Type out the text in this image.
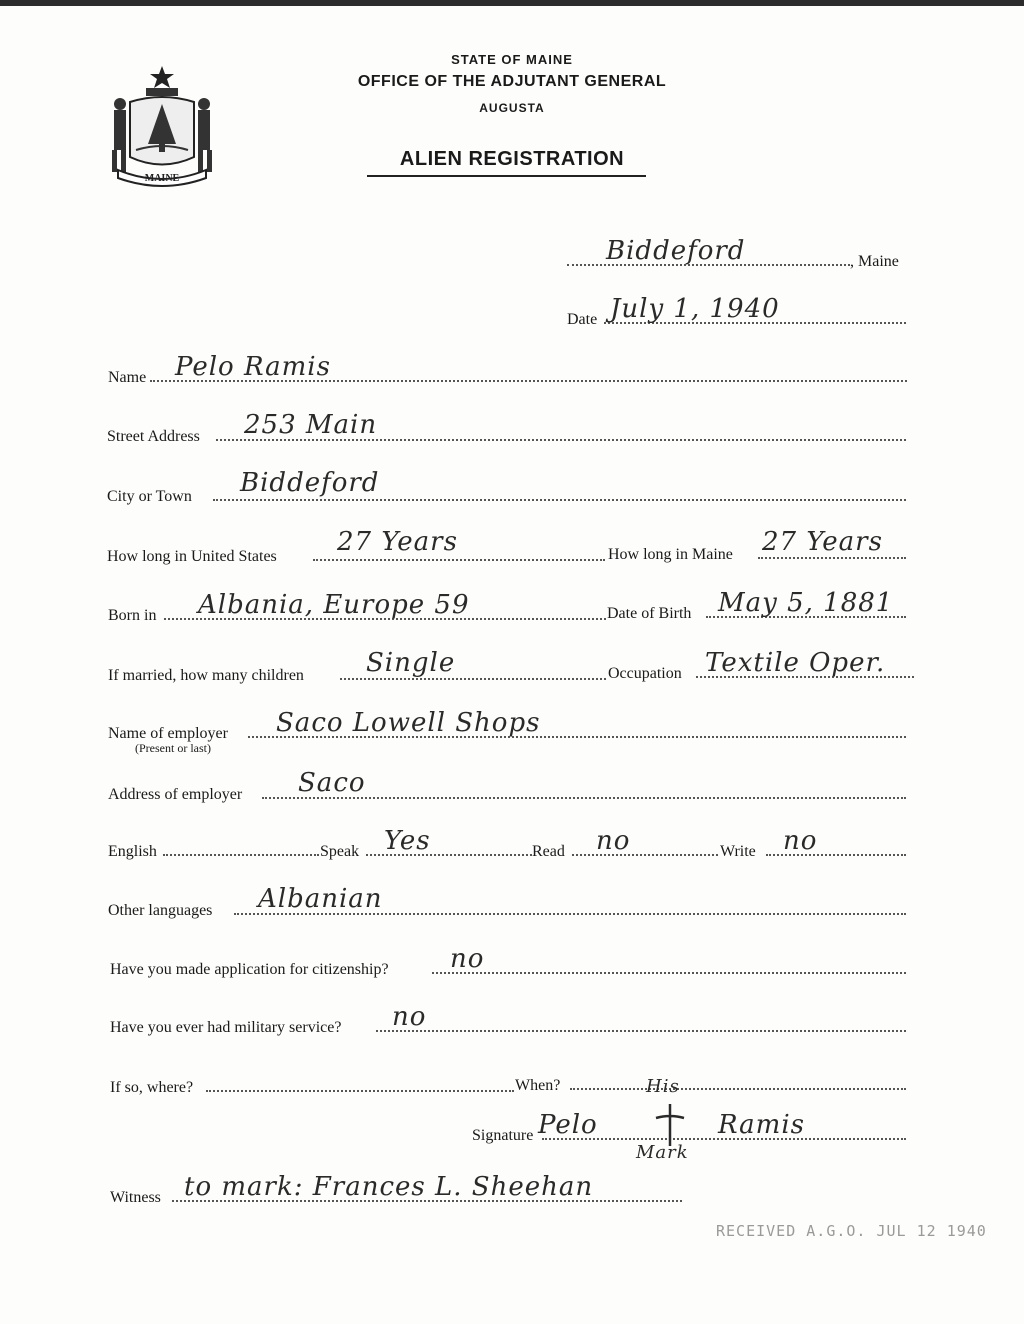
MAINE
STATE OF MAINE
OFFICE OF THE ADJUTANT GENERAL
AUGUSTA
ALIEN REGISTRATION
Biddeford	, Maine
Date July 1, 1940
Name Pelo Ramis
Street Address 253 Main
City or Town Biddeford
How long in United States 27 Years	How long in Maine 27 Years
Born in Albania, Europe 59	Date of Birth May 5, 1881
If married, how many children Single	Occupation Textile Oper.
Name of employer
(Present or last)
Saco Lowell Shops
Address of employer Saco
English	Speak Yes	Read no	Write no
Other languages Albanian
Have you made application for citizenship? no
Have you ever had military service? no
If so, where?	When?
Signature Pelo
His
Mark
Ramis
Witness to mark: Frances L. Sheehan
RECEIVED A.G.O. JUL 12 1940
